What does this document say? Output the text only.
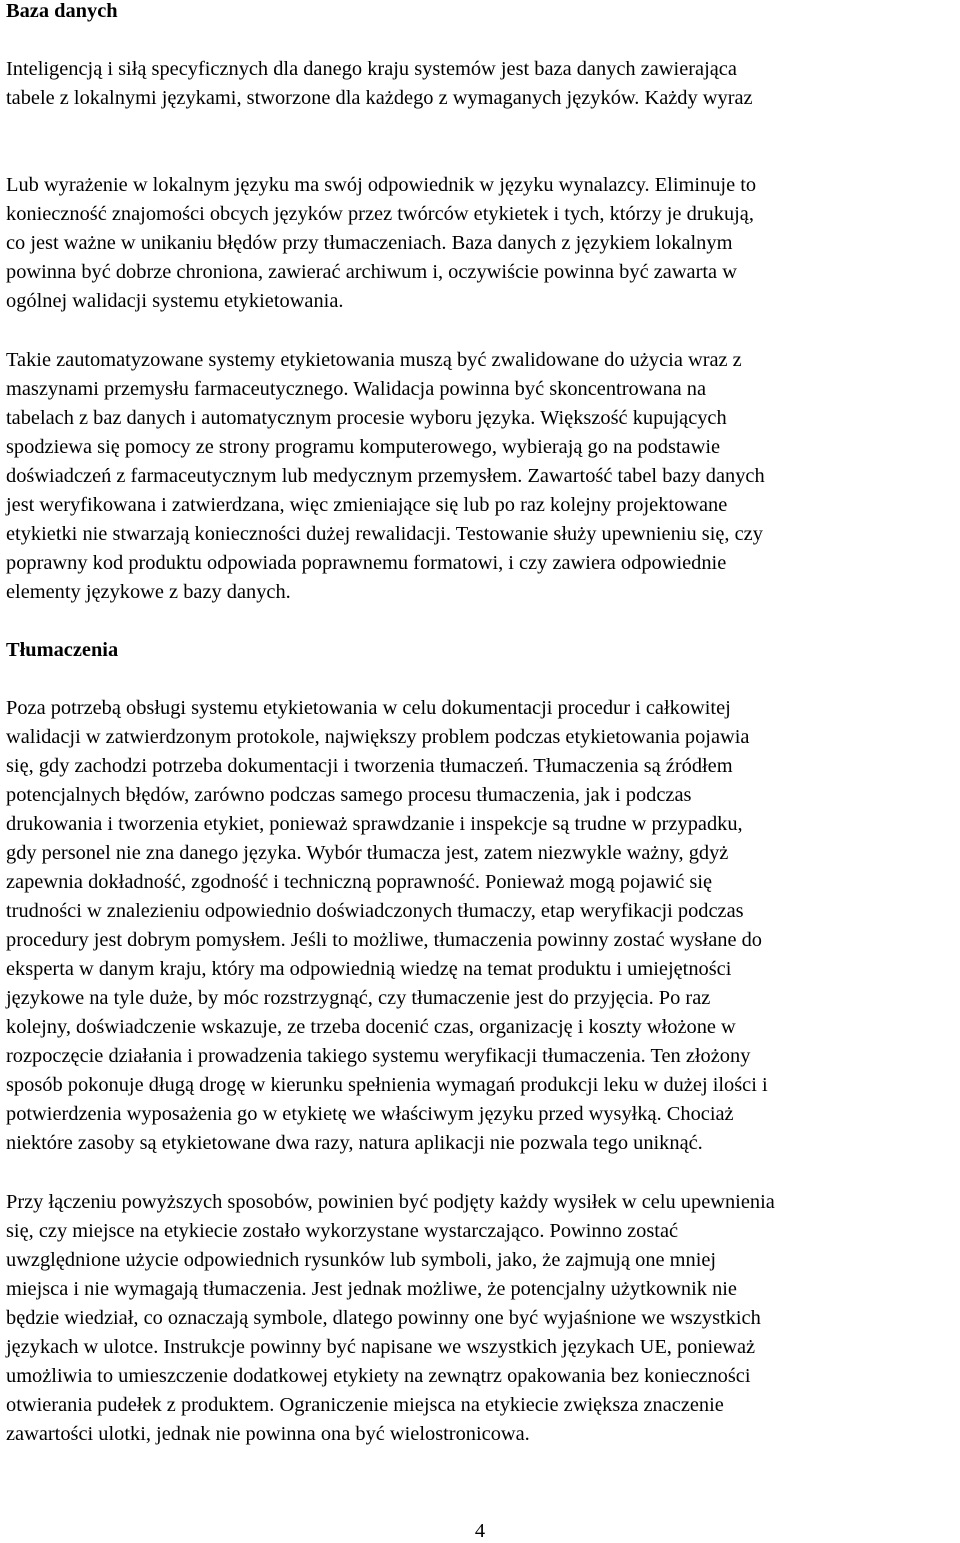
Baza danych
Inteligencją i siłą specyficznych dla danego kraju systemów jest baza danych zawierająca
tabele z lokalnymi językami, stworzone dla każdego z wymaganych języków. Każdy wyraz
Lub wyrażenie w lokalnym języku ma swój odpowiednik w języku wynalazcy. Eliminuje to
konieczność znajomości obcych języków przez twórców etykietek i tych, którzy je drukują,
co jest ważne w unikaniu błędów przy tłumaczeniach. Baza danych z językiem lokalnym
powinna być dobrze chroniona, zawierać archiwum i, oczywiście powinna być zawarta w
ogólnej walidacji systemu etykietowania.
Takie zautomatyzowane systemy etykietowania muszą być zwalidowane do użycia wraz z
maszynami przemysłu farmaceutycznego. Walidacja powinna być skoncentrowana na
tabelach z baz danych i automatycznym procesie wyboru języka. Większość kupujących
spodziewa się pomocy ze strony programu komputerowego, wybierają go na podstawie
doświadczeń z farmaceutycznym lub medycznym przemysłem. Zawartość tabel bazy danych
jest weryfikowana i zatwierdzana, więc zmieniające się lub po raz kolejny projektowane
etykietki nie stwarzają konieczności dużej rewalidacji. Testowanie służy upewnieniu się, czy
poprawny kod produktu odpowiada poprawnemu formatowi, i czy zawiera odpowiednie
elementy językowe z bazy danych.
Tłumaczenia
Poza potrzebą obsługi systemu etykietowania w celu dokumentacji procedur i całkowitej
walidacji w zatwierdzonym protokole, największy problem podczas etykietowania pojawia
się, gdy zachodzi potrzeba dokumentacji i tworzenia tłumaczeń. Tłumaczenia są źródłem
potencjalnych błędów, zarówno podczas samego procesu tłumaczenia, jak i podczas
drukowania i tworzenia etykiet, ponieważ sprawdzanie i inspekcje są trudne w przypadku,
gdy personel nie zna danego języka. Wybór tłumacza jest, zatem niezwykle ważny, gdyż
zapewnia dokładność, zgodność i techniczną poprawność. Ponieważ mogą pojawić się
trudności w znalezieniu odpowiednio doświadczonych tłumaczy, etap weryfikacji podczas
procedury jest dobrym pomysłem. Jeśli to możliwe, tłumaczenia powinny zostać wysłane do
eksperta w danym kraju, który ma odpowiednią wiedzę na temat produktu i umiejętności
językowe na tyle duże, by móc rozstrzygnąć, czy tłumaczenie jest do przyjęcia. Po raz
kolejny, doświadczenie wskazuje, ze trzeba docenić czas, organizację i koszty włożone w
rozpoczęcie działania i prowadzenia takiego systemu weryfikacji tłumaczenia. Ten złożony
sposób pokonuje długą drogę w kierunku spełnienia wymagań produkcji leku w dużej ilości i
potwierdzenia wyposażenia go w etykietę we właściwym języku przed wysyłką. Chociaż
niektóre zasoby są etykietowane dwa razy, natura aplikacji nie pozwala tego uniknąć.
Przy łączeniu powyższych sposobów, powinien być podjęty każdy wysiłek w celu upewnienia
się, czy miejsce na etykiecie zostało wykorzystane wystarczająco. Powinno zostać
uwzględnione użycie odpowiednich rysunków lub symboli, jako, że zajmują one mniej
miejsca i nie wymagają tłumaczenia. Jest jednak możliwe, że potencjalny użytkownik nie
będzie wiedział, co oznaczają symbole, dlatego powinny one być wyjaśnione we wszystkich
językach w ulotce. Instrukcje powinny być napisane we wszystkich językach UE, ponieważ
umożliwia to umieszczenie dodatkowej etykiety na zewnątrz opakowania bez konieczności
otwierania pudełek z produktem. Ograniczenie miejsca na etykiecie zwiększa znaczenie
zawartości ulotki, jednak nie powinna ona być wielostronicowa.
4
